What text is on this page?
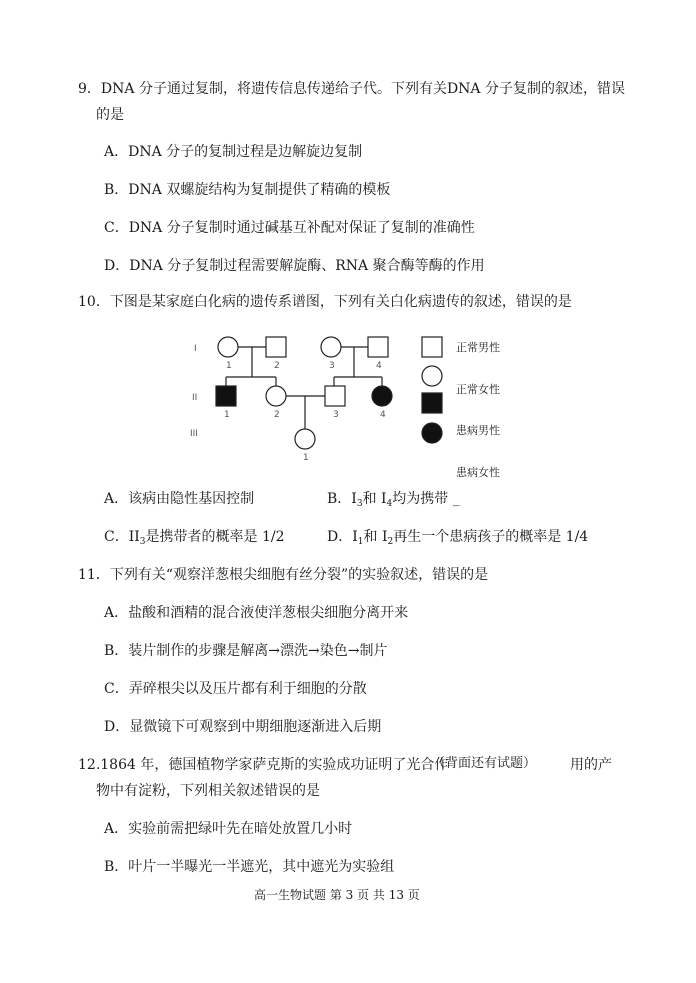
9．DNA 分子通过复制，将遗传信息传递给子代。下列有关DNA 分子复制的叙述，错误
的是
A．DNA 分子的复制过程是边解旋边复制
B．DNA 双螺旋结构为复制提供了精确的模板
C．DNA 分子复制时通过碱基互补配对保证了复制的准确性
D．DNA 分子复制过程需要解旋酶、RNA 聚合酶等酶的作用
10．下图是某家庭白化病的遗传系谱图，下列有关白化病遗传的叙述，错误的是
I
II
III
1	2	3	4
1	2	3	4
1
正常男性
正常女性
患病男性
患病女性
A．该病由隐性基因控制	B．$I_3$和 $I_4$均为携带 _
C．$II_3$是携带者的概率是 1/2	D．$I_1$和 $I_2$再生一个患病孩子的概率是 1/4
11．下列有关“观察洋葱根尖细胞有丝分裂”的实验叙述，错误的是
A．盐酸和酒精的混合液使洋葱根尖细胞分离开来
B．装片制作的步骤是解离→漂洗→染色→制片
C．弄碎根尖以及压片都有利于细胞的分散
D．显微镜下可观察到中期细胞逐渐进入后期
12.1864 年，德国植物学家萨克斯的实验成功证明了光合作
（背面还有试题） 用的产
物中有淀粉，下列相关叙述错误的是
A．实验前需把绿叶先在暗处放置几小时
B．叶片一半曝光一半遮光，其中遮光为实验组
高一生物试题 第 3 页 共 13 页
